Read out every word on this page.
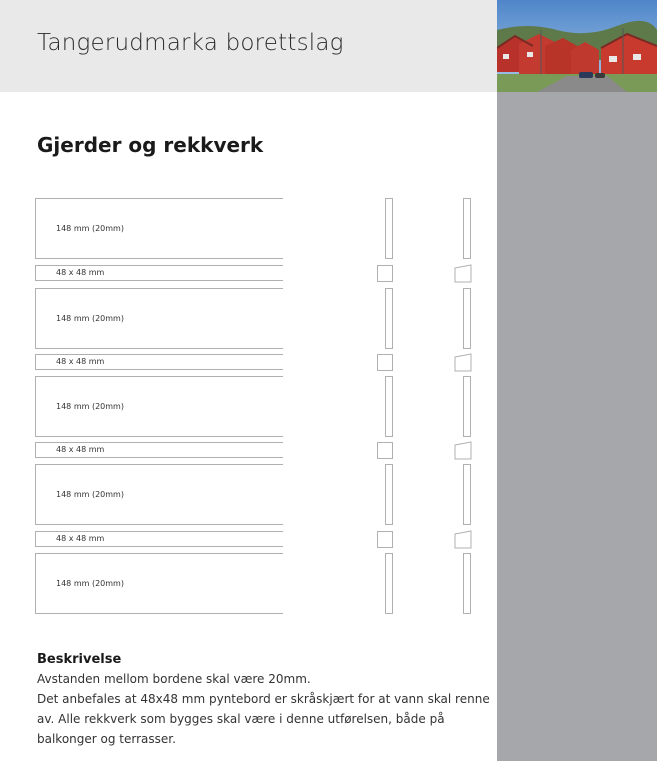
Tangerudmarka borettslag
Gjerder og rekkverk
148 mm (20mm)
48 x 48 mm
148 mm (20mm)
48 x 48 mm
148 mm (20mm)
48 x 48 mm
148 mm (20mm)
48 x 48 mm
148 mm (20mm)
Beskrivelse
Avstanden mellom bordene skal være 20mm.
Det anbefales at 48x48 mm pyntebord er skråskjært for at vann skal renne
av. Alle rekkverk som bygges skal være i denne utførelsen, både på
balkonger og terrasser.
